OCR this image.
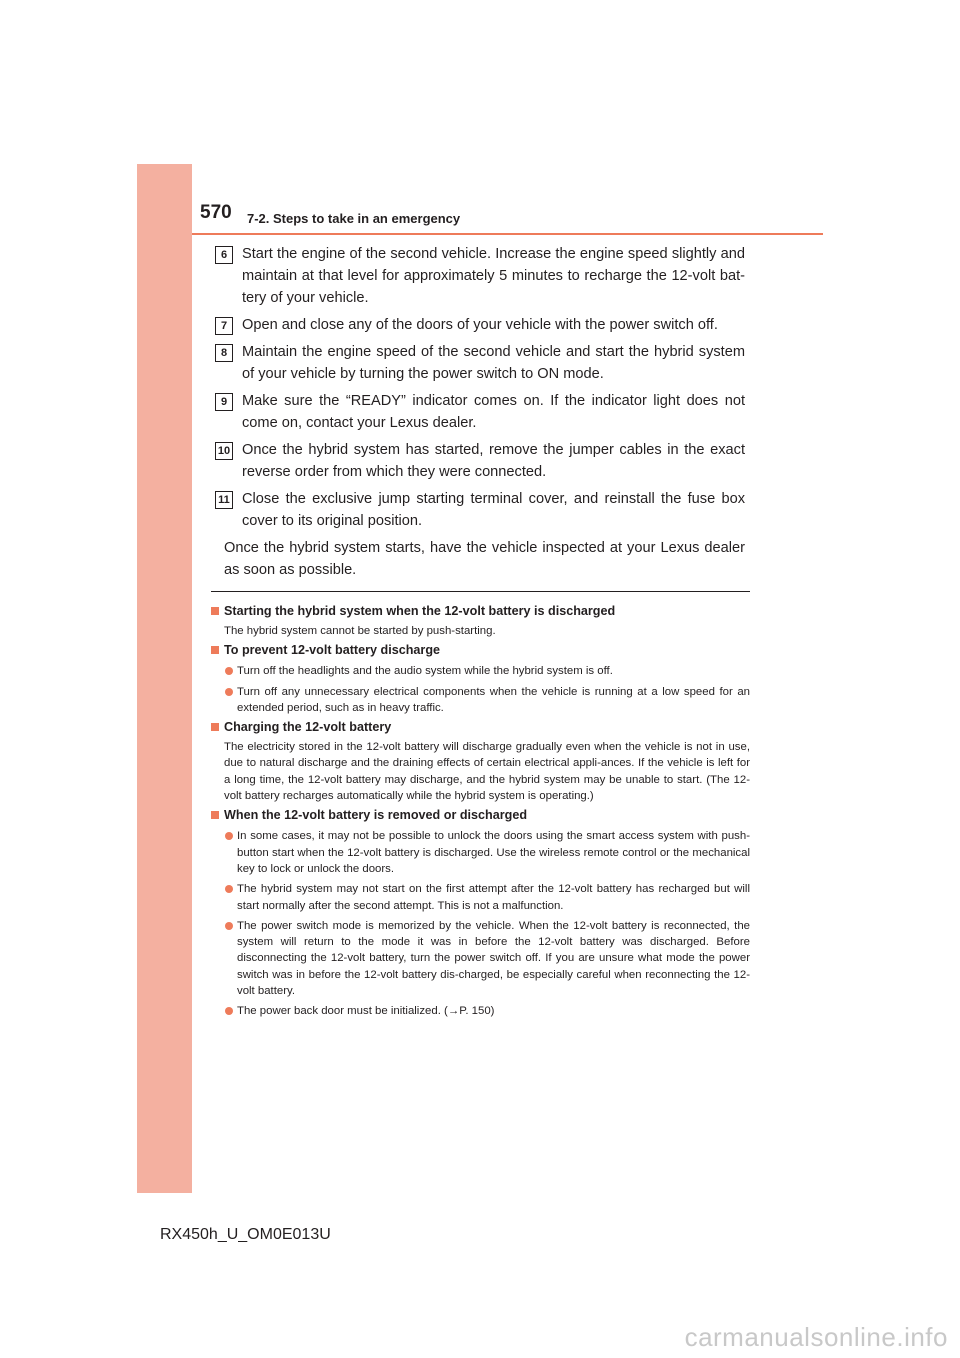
570 7-2. Steps to take in an emergency
6	Start the engine of the second vehicle. Increase the engine speed slightly and maintain at that level for approximately 5 minutes to recharge the 12-volt bat-tery of your vehicle.
7	Open and close any of the doors of your vehicle with the power switch off.
8	Maintain the engine speed of the second vehicle and start the hybrid system of your vehicle by turning the power switch to ON mode.
9	Make sure the “READY” indicator comes on. If the indicator light does not come on, contact your Lexus dealer.
10 Once the hybrid system has started, remove the jumper cables in the exact reverse order from which they were connected.
11 Close the exclusive jump starting terminal cover, and reinstall the fuse box cover to its original position.
Once the hybrid system starts, have the vehicle inspected at your Lexus dealer as soon as possible.
Starting the hybrid system when the 12-volt battery is discharged
The hybrid system cannot be started by push-starting.
To prevent 12-volt battery discharge
Turn off the headlights and the audio system while the hybrid system is off.
Turn off any unnecessary electrical components when the vehicle is running at a low speed for an extended period, such as in heavy traffic.
Charging the 12-volt battery
The electricity stored in the 12-volt battery will discharge gradually even when the vehicle is not in use, due to natural discharge and the draining effects of certain electrical appli-ances. If the vehicle is left for a long time, the 12-volt battery may discharge, and the hybrid system may be unable to start. (The 12-volt battery recharges automatically while the hybrid system is operating.)
When the 12-volt battery is removed or discharged
In some cases, it may not be possible to unlock the doors using the smart access system with push-button start when the 12-volt battery is discharged. Use the wireless remote control or the mechanical key to lock or unlock the doors.
The hybrid system may not start on the first attempt after the 12-volt battery has recharged but will start normally after the second attempt. This is not a malfunction.
The power switch mode is memorized by the vehicle. When the 12-volt battery is reconnected, the system will return to the mode it was in before the 12-volt battery was discharged. Before disconnecting the 12-volt battery, turn the power switch off. If you are unsure what mode the power switch was in before the 12-volt battery dis-charged, be especially careful when reconnecting the 12-volt battery.
The power back door must be initialized. (→P. 150)
RX450h_U_OM0E013U
carmanualsonline.info
